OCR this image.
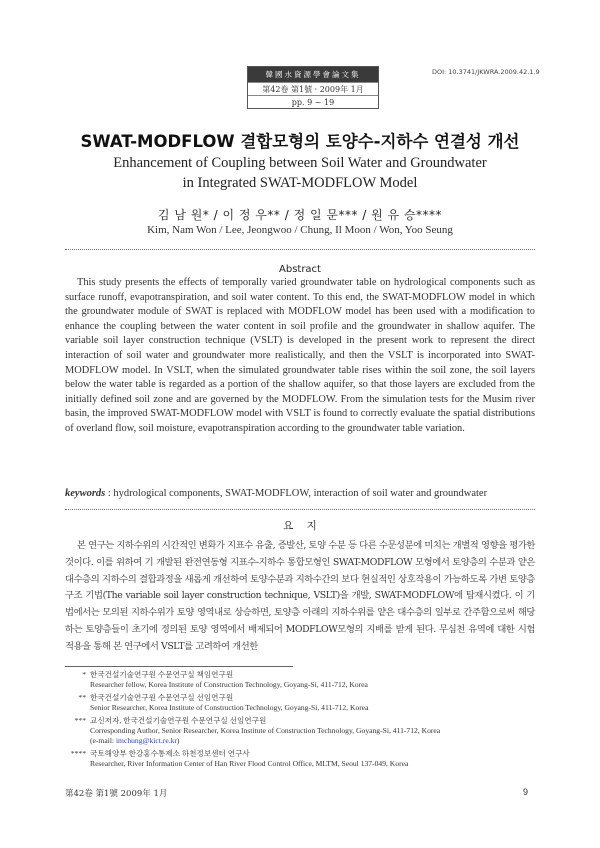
韓國水資源學會論文集
第42卷 第1號 · 2009年 1月
pp. 9 ~ 19
DOI: 10.3741/JKWRA.2009.42.1.9
SWAT-MODFLOW 결합모형의 토양수-지하수 연결성 개선
Enhancement of Coupling between Soil Water and Groundwater
in Integrated SWAT-MODFLOW Model
김 남 원* / 이 정 우** / 정 일 문*** / 원 유 승****
Kim, Nam Won / Lee, Jeongwoo / Chung, Il Moon / Won, Yoo Seung
Abstract
This study presents the effects of temporally varied groundwater table on hydrological components such as surface runoff, evapotranspiration, and soil water content. To this end, the SWAT-MODFLOW model in which the groundwater module of SWAT is replaced with MODFLOW model has been used with a modification to enhance the coupling between the water content in soil profile and the groundwater in shallow aquifer. The variable soil layer construction technique (VSLT) is developed in the present work to represent the direct interaction of soil water and groundwater more realistically, and then the VSLT is incorporated into SWAT-MODFLOW model. In VSLT, when the simulated groundwater table rises within the soil zone, the soil layers below the water table is regarded as a portion of the shallow aquifer, so that those layers are excluded from the initially defined soil zone and are governed by the MODFLOW. From the simulation tests for the Musim river basin, the improved SWAT-MODFLOW model with VSLT is found to correctly evaluate the spatial distributions of overland flow, soil moisture, evapotranspiration according to the groundwater table variation.
keywords : hydrological components, SWAT-MODFLOW, interaction of soil water and groundwater
요    지
본 연구는 지하수위의 시간적인 변화가 지표수 유출, 증발산, 토양 수분 등 다른 수문성분에 미치는 개별적 영향을 평가한 것이다. 이를 위하여 기 개발된 완전연동형 지표수-지하수 통합모형인 SWAT-MODFLOW 모형에서 토양층의 수분과 얕은 대수층의 지하수의 결합과정을 새롭게 개선하여 토양수분과 지하수간의 보다 현실적인 상호작용이 가능하도록 가변 토양층 구조 기법(The variable soil layer construction technique, VSLT)을 개발, SWAT-MODFLOW에 탑재시켰다. 이 기법에서는 모의된 지하수위가 토양 영역내로 상승하면, 토양층 아래의 지하수위를 얕은 대수층의 일부로 간주함으로써 해당하는 토양층들이 초기에 정의된 토양 영역에서 배제되어 MODFLOW모형의 지배를 받게 된다. 무심천 유역에 대한 시험 적용을 통해 본 연구에서 VSLT를 고려하여 개선한
* 한국건설기술연구원 수문연구실 책임연구원
Researcher fellow, Korea Institute of Construction Technology, Goyang-Si, 411-712, Korea
** 한국건설기술연구원 수문연구실 선임연구원
Senior Researcher, Korea Institute of Construction Technology, Goyang-Si, 411-712, Korea
*** 교신저자, 한국건설기술연구원 수문연구실 선임연구원
Corresponding Author, Senior Researcher, Korea Institute of Construction Technology, Goyang-Si, 411-712, Korea
(e-mail: imchung@kict.re.kr)
**** 국토해양부 한강홍수통제소 하천정보센터 연구사
Researcher, River Information Center of Han River Flood Control Office, MLTM, Seoul 137-049, Korea
第42卷 第1號 2009年 1月	9
